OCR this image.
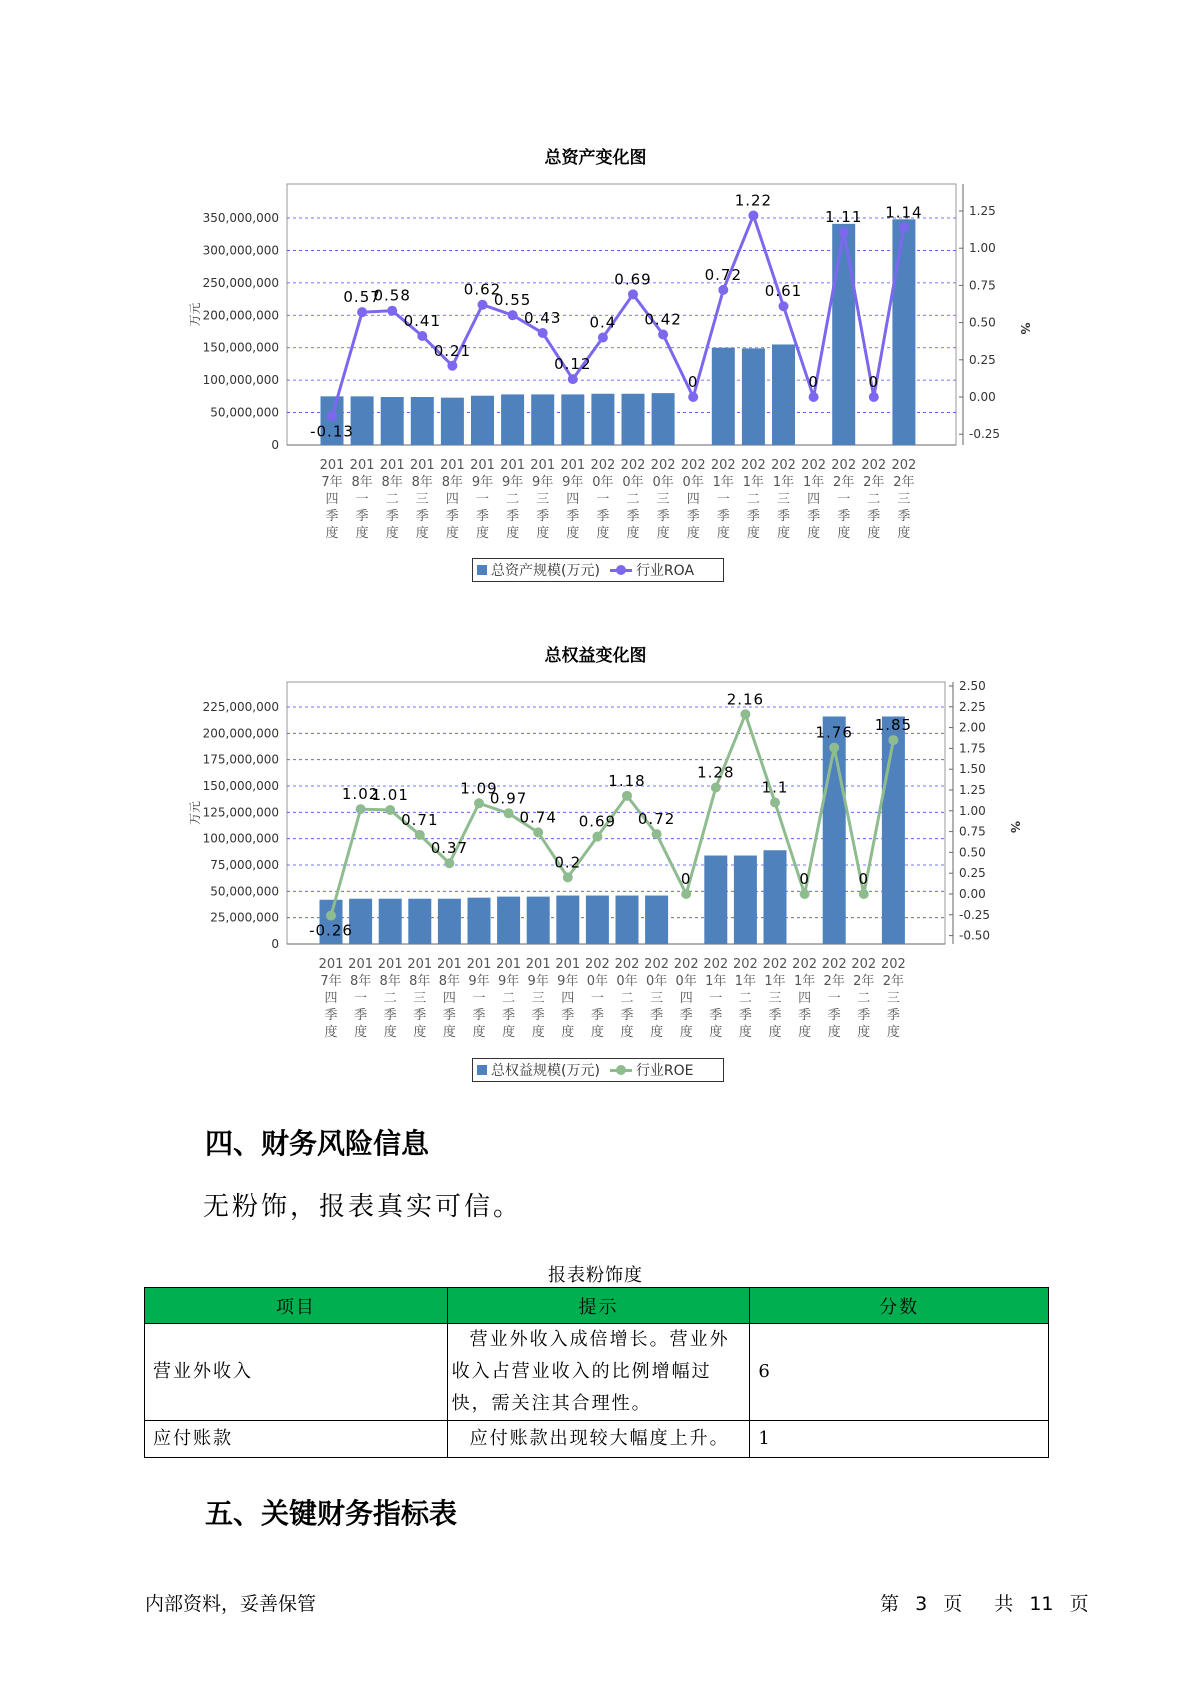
总资产变化图
0
50,000,000
100,000,000
150,000,000
200,000,000
250,000,000
300,000,000
350,000,000
-0.25
0.00
0.25
0.50
0.75
1.00
1.25
万元
%
-0.13
0.57
0.58
0.41
0.21
0.62
0.55
0.43
0.12
0.4
0.69
0.42
0
0.72
1.22
0.61
0
1.11
0
1.14
201
7年
四
季
度
201
8年
一
季
度
201
8年
二
季
度
201
8年
三
季
度
201
8年
四
季
度
201
9年
一
季
度
201
9年
二
季
度
201
9年
三
季
度
201
9年
四
季
度
202
0年
一
季
度
202
0年
二
季
度
202
0年
三
季
度
202
0年
四
季
度
202
1年
一
季
度
202
1年
二
季
度
202
1年
三
季
度
202
1年
四
季
度
202
2年
一
季
度
202
2年
二
季
度
202
2年
三
季
度
总资产规模(万元)	行业ROA
总权益变化图
0
25,000,000
50,000,000
75,000,000
100,000,000
125,000,000
150,000,000
175,000,000
200,000,000
225,000,000
-0.50
-0.25
0.00
0.25
0.50
0.75
1.00
1.25
1.50
1.75
2.00
2.25
2.50
万元
%
-0.26
1.02
1.01
0.71
0.37
1.09
0.97
0.74
0.2
0.69
1.18
0.72
0
1.28
2.16
1.1
0
1.76
0
1.85
201
7年
四
季
度
201
8年
一
季
度
201
8年
二
季
度
201
8年
三
季
度
201
8年
四
季
度
201
9年
一
季
度
201
9年
二
季
度
201
9年
三
季
度
201
9年
四
季
度
202
0年
一
季
度
202
0年
二
季
度
202
0年
三
季
度
202
0年
四
季
度
202
1年
一
季
度
202
1年
二
季
度
202
1年
三
季
度
202
1年
四
季
度
202
2年
一
季
度
202
2年
二
季
度
202
2年
三
季
度
总权益规模(万元)	行业ROE
四、财务风险信息

无粉饰，报表真实可信。

报表粉饰度
项目	提示	分数
营业外收入	营业外收入成倍增长。营业外收入占营业收入的比例增幅过快，需关注其合理性。	6
应付账款	应付账款出现较大幅度上升。	1
五、关键财务指标表
内部资料，妥善保管	第 3 页 共 11 页
